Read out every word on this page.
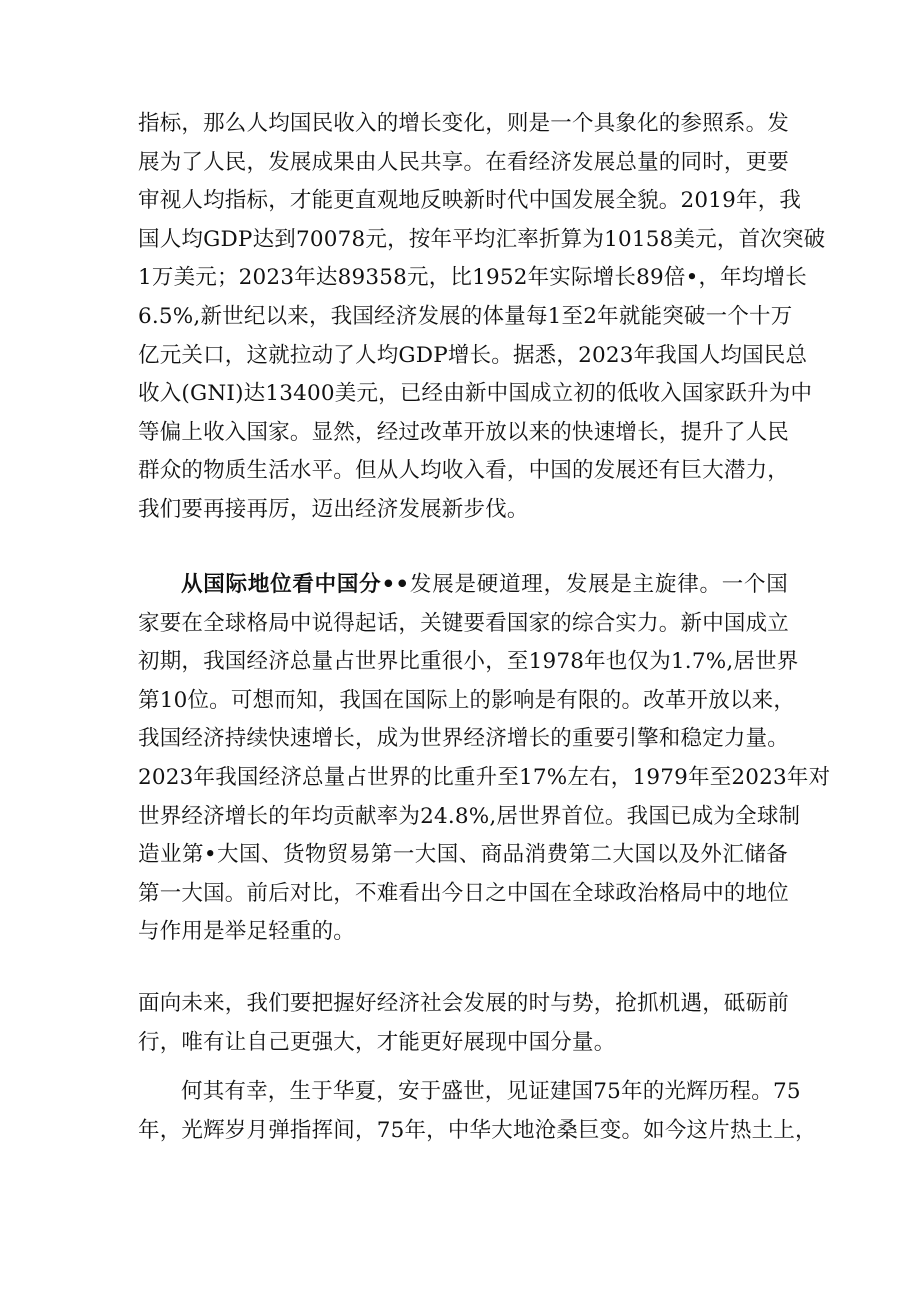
指标，那么人均国民收入的增长变化，则是一个具象化的参照系。发
展为了人民，发展成果由人民共享。在看经济发展总量的同时，更要
审视人均指标，才能更直观地反映新时代中国发展全貌。2019年，我
国人均GDP达到70078元，按年平均汇率折算为10158美元，首次突破
1万美元；2023年达89358元，比1952年实际增长89倍•，年均增长
6.5%,新世纪以来，我国经济发展的体量每1至2年就能突破一个十万
亿元关口，这就拉动了人均GDP增长。据悉，2023年我国人均国民总
收入(GNI)达13400美元，已经由新中国成立初的低收入国家跃升为中
等偏上收入国家。显然，经过改革开放以来的快速增长，提升了人民
群众的物质生活水平。但从人均收入看，中国的发展还有巨大潜力，
我们要再接再厉，迈出经济发展新步伐。
从国际地位看中国分••发展是硬道理，发展是主旋律。一个国
家要在全球格局中说得起话，关键要看国家的综合实力。新中国成立
初期，我国经济总量占世界比重很小，至1978年也仅为1.7%,居世界
第10位。可想而知，我国在国际上的影响是有限的。改革开放以来，
我国经济持续快速增长，成为世界经济增长的重要引擎和稳定力量。
2023年我国经济总量占世界的比重升至17%左右，1979年至2023年对
世界经济增长的年均贡献率为24.8%,居世界首位。我国已成为全球制
造业第•大国、货物贸易第一大国、商品消费第二大国以及外汇储备
第一大国。前后对比，不难看出今日之中国在全球政治格局中的地位
与作用是举足轻重的。
面向未来，我们要把握好经济社会发展的时与势，抢抓机遇，砥砺前
行，唯有让自己更强大，才能更好展现中国分量。
何其有幸，生于华夏，安于盛世，见证建国75年的光辉历程。75
年，光辉岁月弹指挥间，75年，中华大地沧桑巨变。如今这片热土上，
